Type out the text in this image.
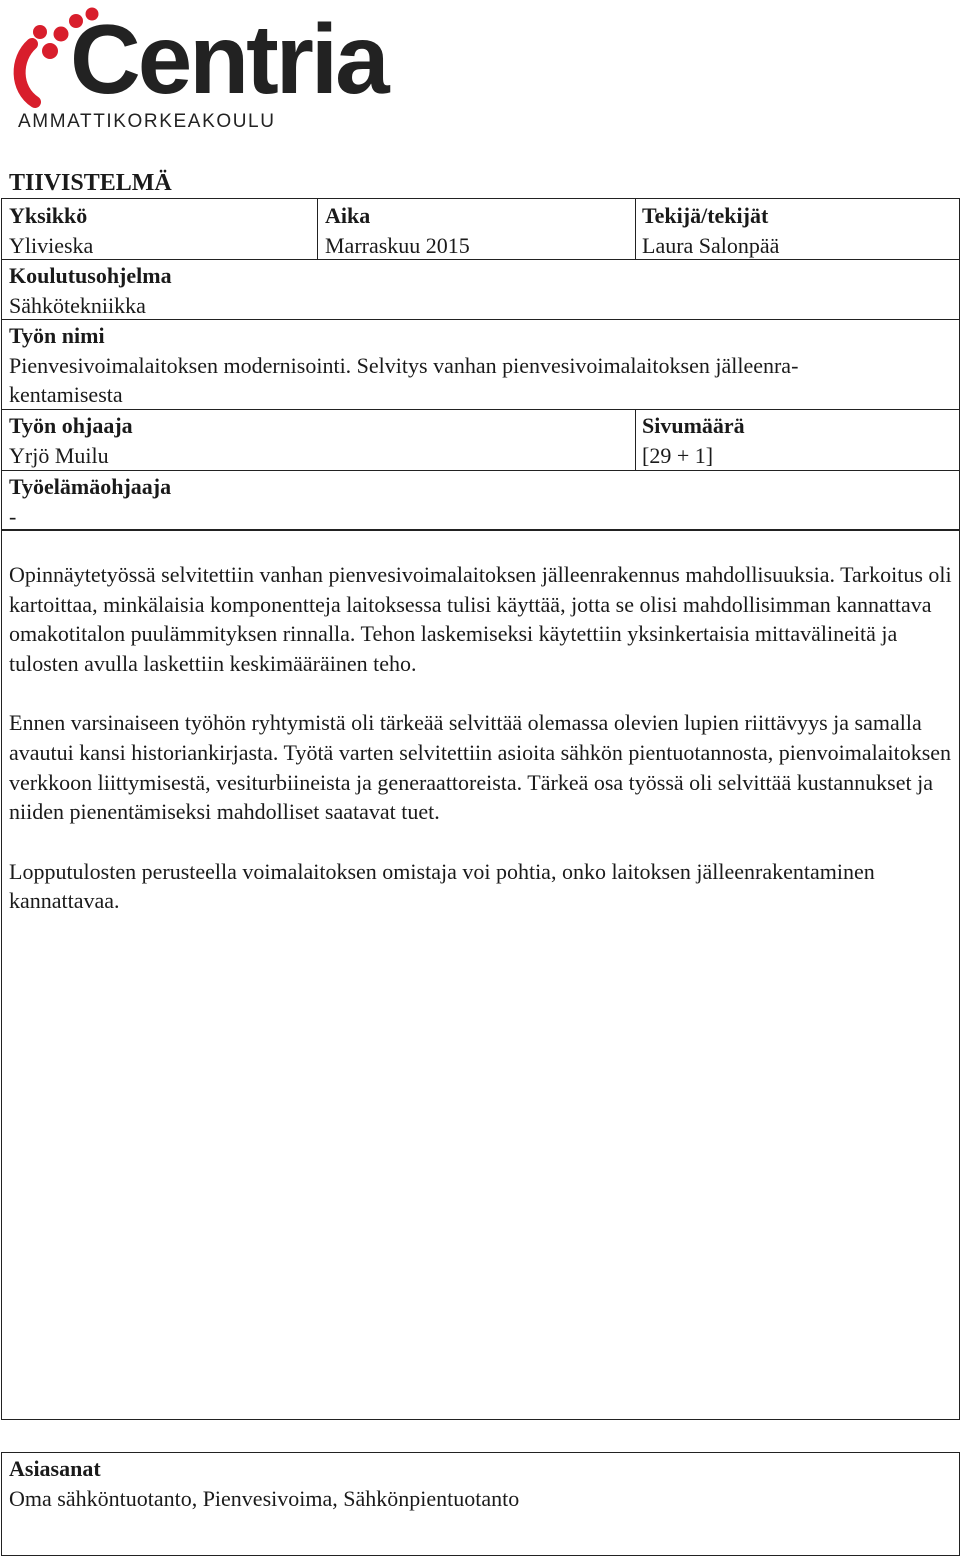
Centria
AMMATTIKORKEAKOULU
TIIVISTELMÄ
Yksikkö
Ylivieska
Aika
Marraskuu 2015
Tekijä/tekijät
Laura Salonpää
Koulutusohjelma
Sähkötekniikka
Työn nimi
Pienvesivoimalaitoksen modernisointi. Selvitys vanhan pienvesivoimalaitoksen jälleenra-
kentamisesta
Työn ohjaaja
Yrjö Muilu
Sivumäärä
[29 + 1]
Työelämäohjaaja
-

Opinnäytetyössä selvitettiin vanhan pienvesivoimalaitoksen jälleenrakennus mahdollisuuksia. Tarkoitus oli kartoittaa, minkälaisia komponentteja laitoksessa tulisi käyttää, jotta se olisi mahdollisimman kannattava omakotitalon puulämmityksen rinnalla. Tehon laskemiseksi käytettiin yksinkertaisia mittavälineitä ja tulosten avulla laskettiin keskimääräinen teho.

Ennen varsinaiseen työhön ryhtymistä oli tärkeää selvittää olemassa olevien lupien riittävyys ja samalla avautui kansi historiankirjasta. Työtä varten selvitettiin asioita sähkön pientuotannosta, pienvoimalaitoksen verkkoon liittymisestä, vesiturbiineista ja generaattoreista. Tärkeä osa työssä oli selvittää kustannukset ja niiden pienentämiseksi mahdolliset saatavat tuet.

Lopputulosten perusteella voimalaitoksen omistaja voi pohtia, onko laitoksen jälleenrakentaminen kannattavaa.

Asiasanat
Oma sähköntuotanto, Pienvesivoima, Sähkönpientuotanto
